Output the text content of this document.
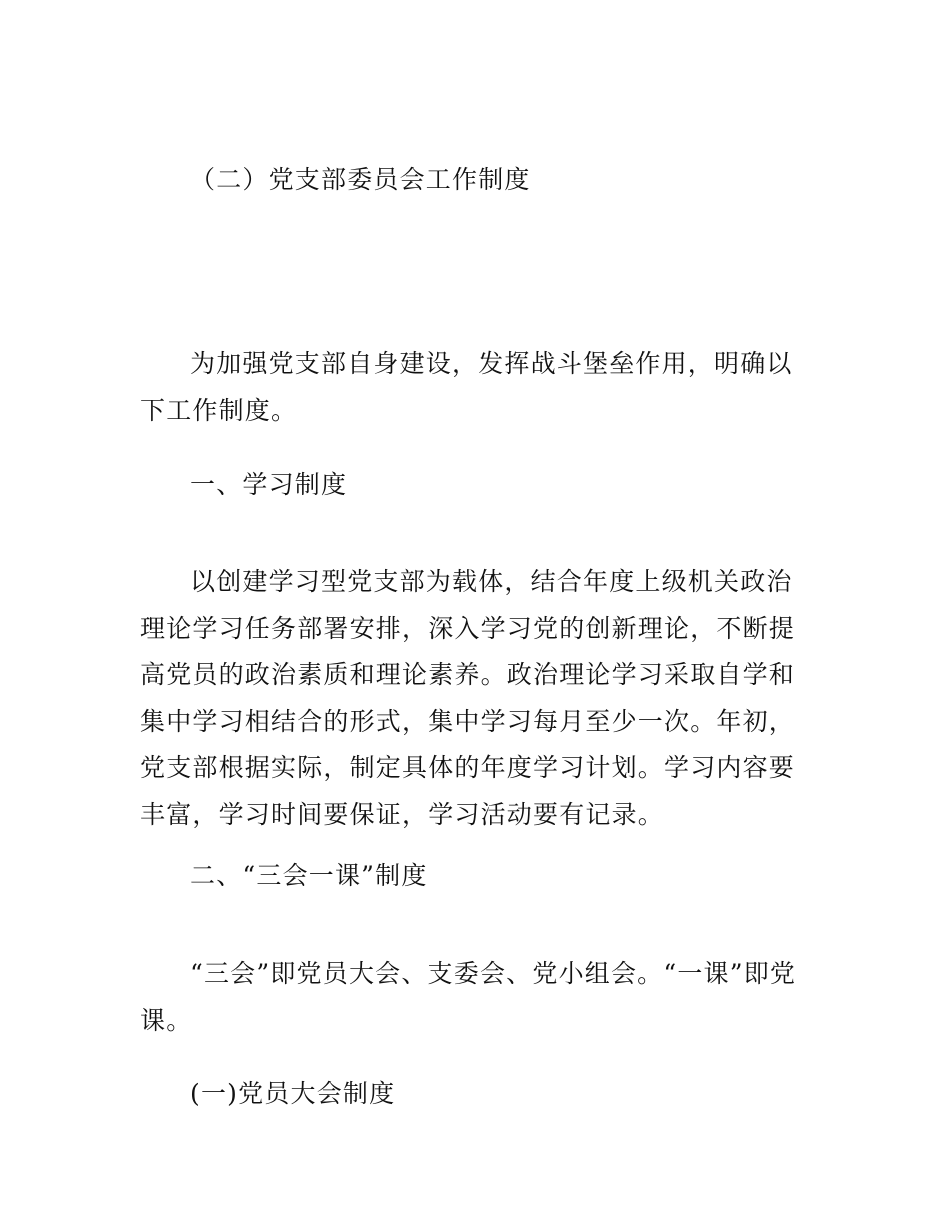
（二）党支部委员会工作制度
为加强党支部自身建设，发挥战斗堡垒作用，明确以下工作制度。
一、学习制度
以创建学习型党支部为载体，结合年度上级机关政治理论学习任务部署安排，深入学习党的创新理论，不断提高党员的政治素质和理论素养。政治理论学习采取自学和集中学习相结合的形式，集中学习每月至少一次。年初，党支部根据实际，制定具体的年度学习计划。学习内容要丰富，学习时间要保证，学习活动要有记录。
二、“三会一课”制度
“三会”即党员大会、支委会、党小组会。“一课”即党课。
(一)党员大会制度
